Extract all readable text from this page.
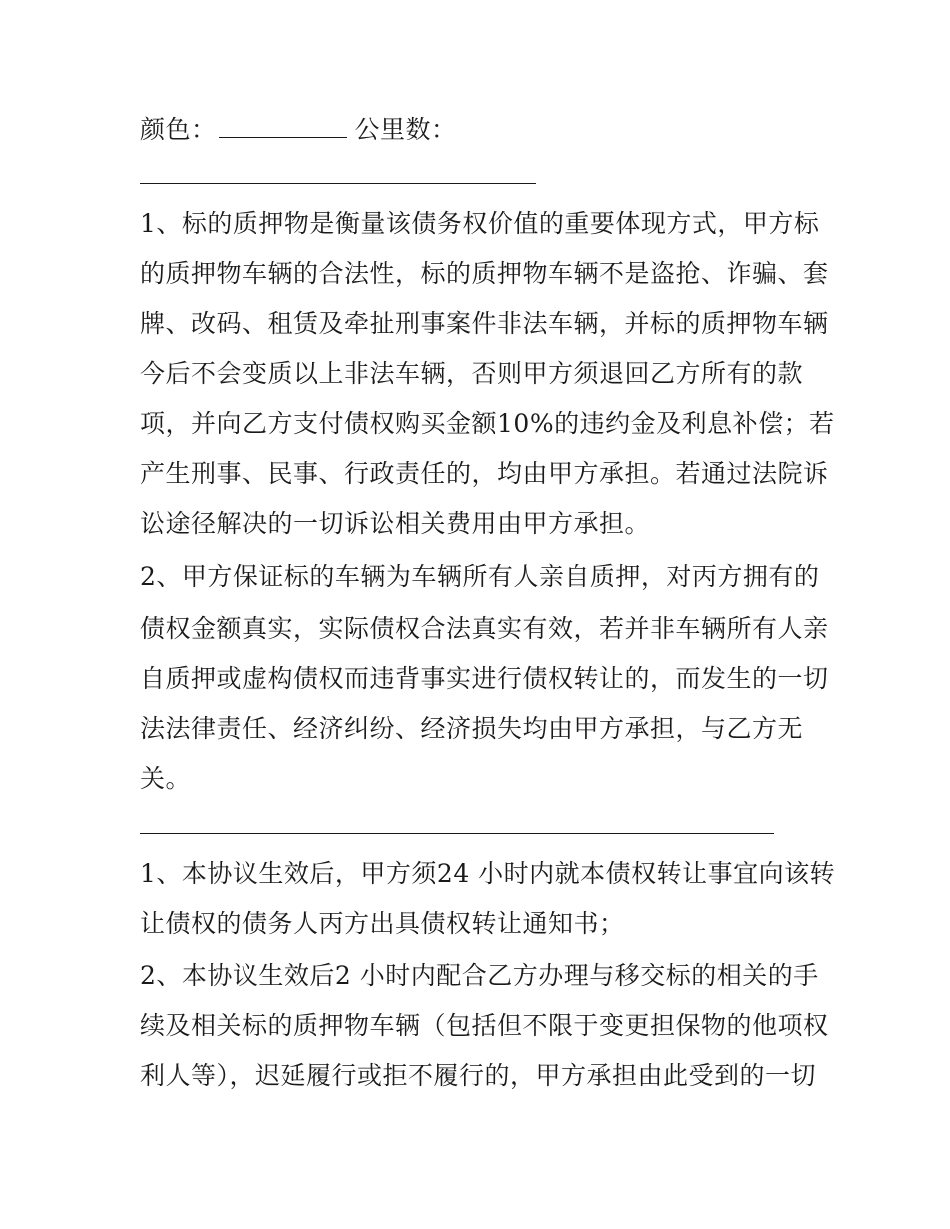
颜色：	公里数：
1、标的质押物是衡量该债务权价值的重要体现方式，甲方标
的质押物车辆的合法性，标的质押物车辆不是盗抢、诈骗、套
牌、改码、租赁及牵扯刑事案件非法车辆，并标的质押物车辆
今后不会变质以上非法车辆，否则甲方须退回乙方所有的款
项，并向乙方支付债权购买金额10%的违约金及利息补偿；若
产生刑事、民事、行政责任的，均由甲方承担。若通过法院诉
讼途径解决的一切诉讼相关费用由甲方承担。
2、甲方保证标的车辆为车辆所有人亲自质押，对丙方拥有的
债权金额真实，实际债权合法真实有效，若并非车辆所有人亲
自质押或虚构债权而违背事实进行债权转让的，而发生的一切
法法律责任、经济纠纷、经济损失均由甲方承担，与乙方无
关。
1、本协议生效后，甲方须24 小时内就本债权转让事宜向该转
让债权的债务人丙方出具债权转让通知书；
2、本协议生效后2 小时内配合乙方办理与移交标的相关的手
续及相关标的质押物车辆（包括但不限于变更担保物的他项权
利人等），迟延履行或拒不履行的，甲方承担由此受到的一切
